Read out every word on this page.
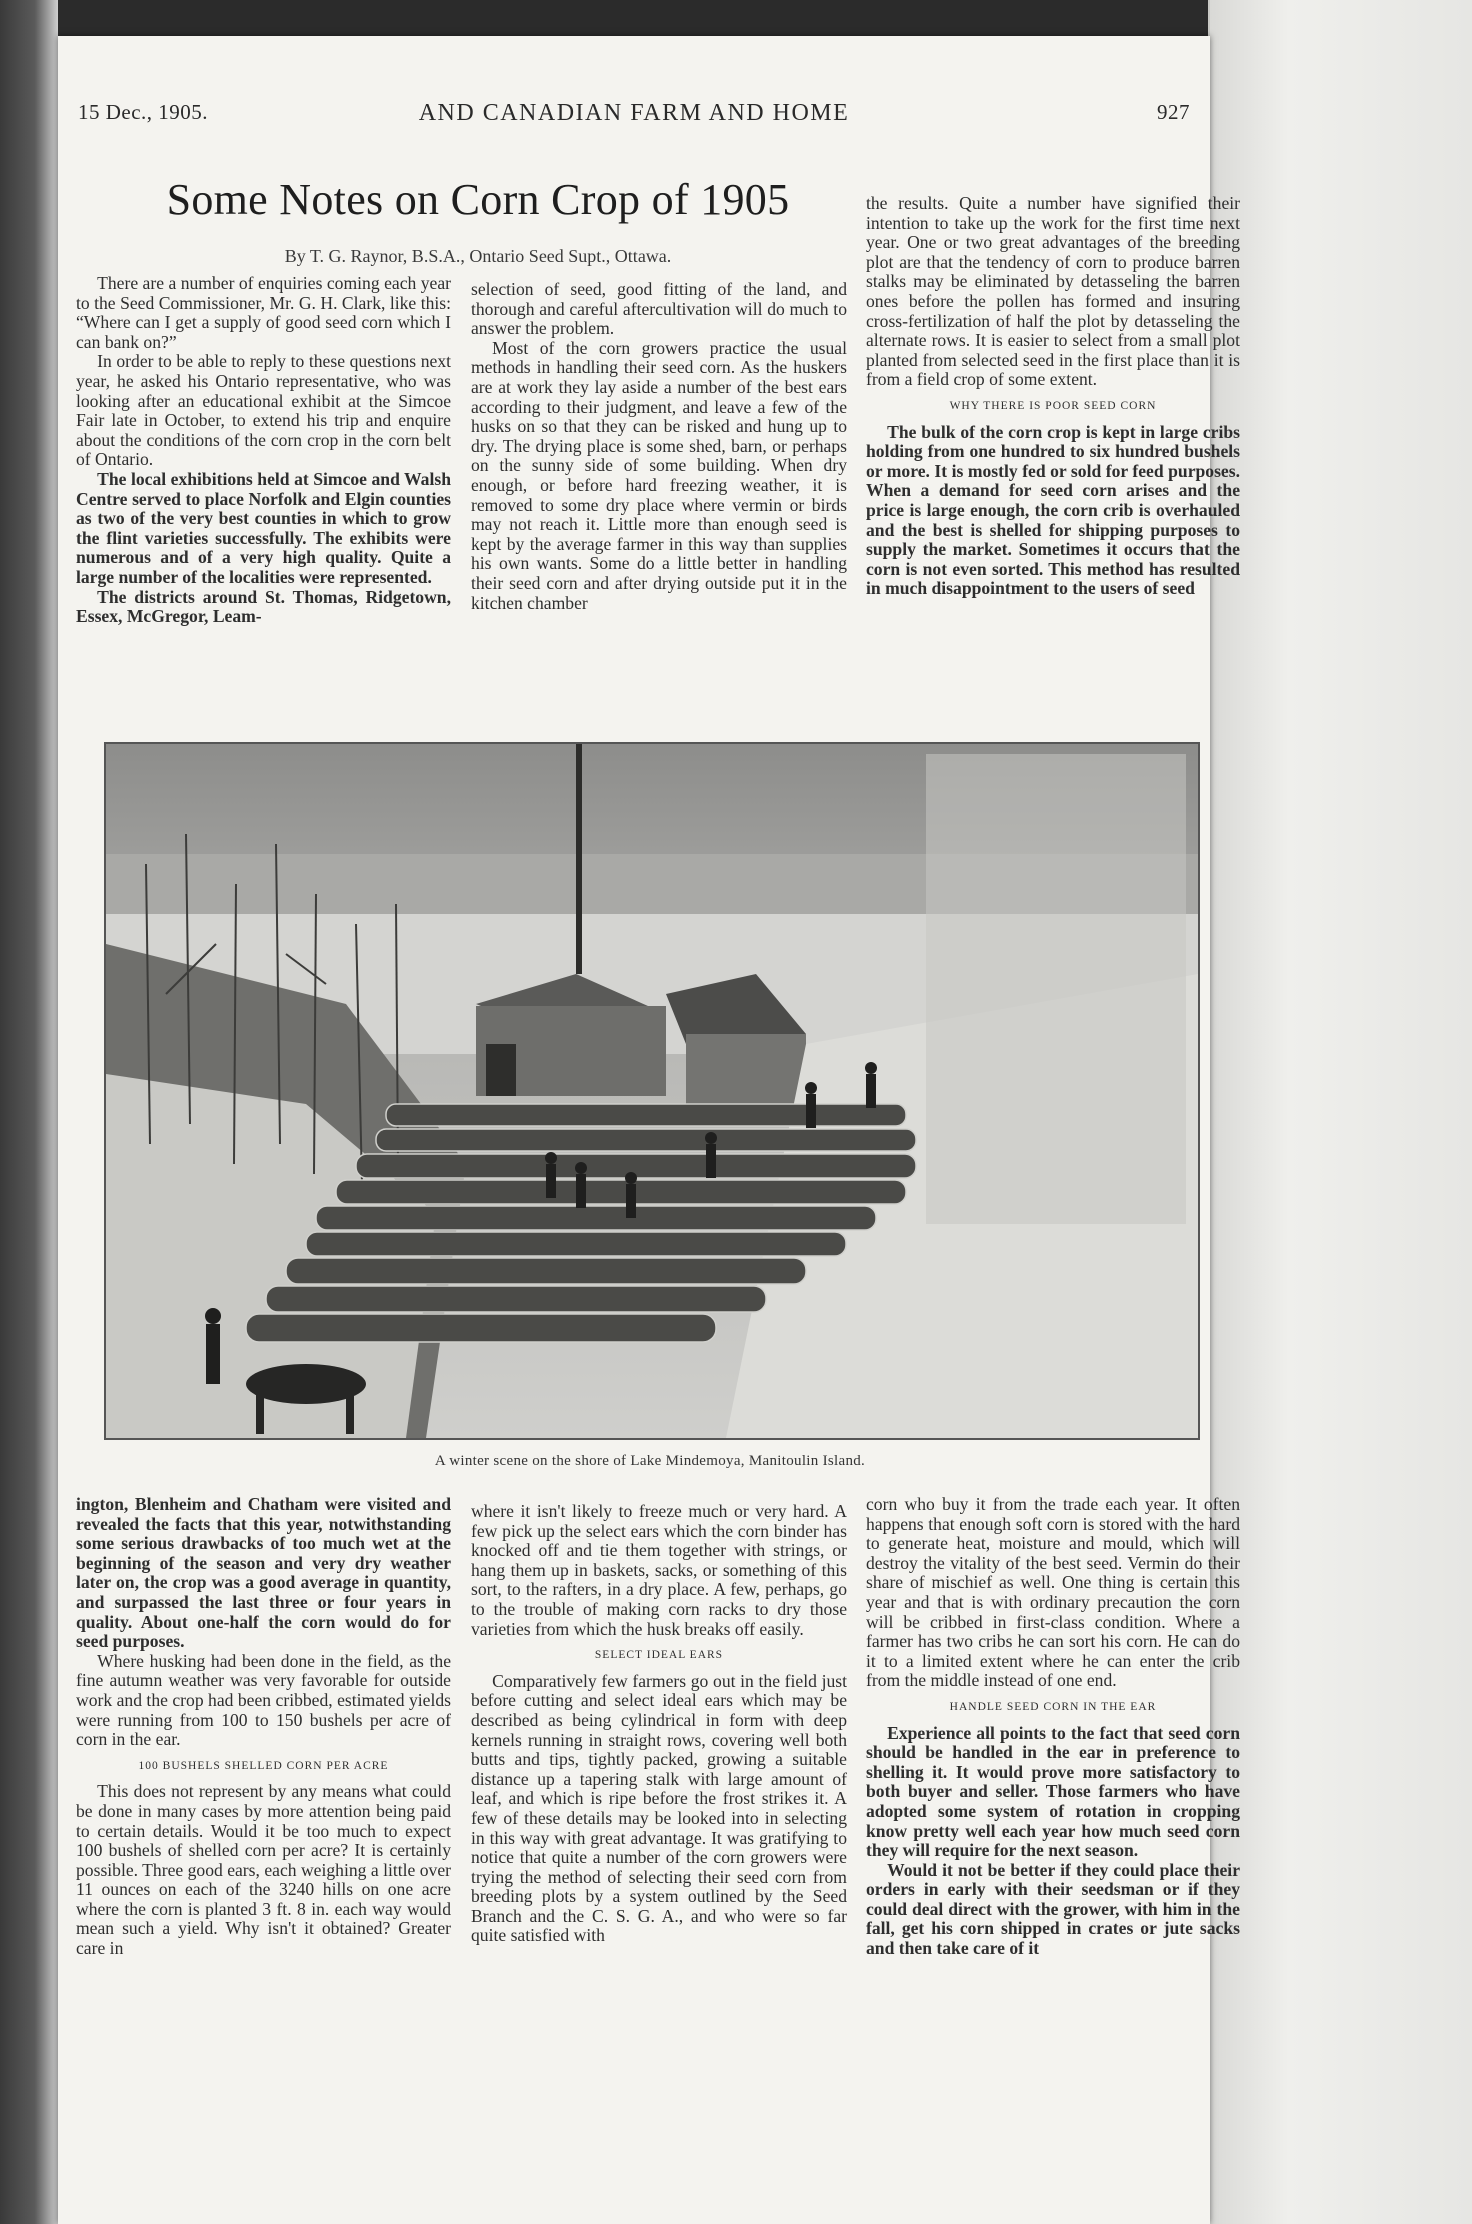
15 Dec., 1905.	AND CANADIAN FARM AND HOME	927
Some Notes on Corn Crop of 1905
By T. G. Raynor, B.S.A., Ontario Seed Supt., Ottawa.

There are a number of enquiries coming each year to the Seed Commissioner, Mr. G. H. Clark, like this: “Where can I get a supply of good seed corn which I can bank on?”

In order to be able to reply to these questions next year, he asked his Ontario representative, who was looking after an educational exhibit at the Simcoe Fair late in October, to extend his trip and enquire about the conditions of the corn crop in the corn belt of Ontario.

The local exhibitions held at Simcoe and Walsh Centre served to place Norfolk and Elgin counties as two of the very best counties in which to grow the flint varieties successfully. The exhibits were numerous and of a very high quality. Quite a large number of the localities were represented.

The districts around St. Thomas, Ridgetown, Essex, McGregor, Leam-

selection of seed, good fitting of the land, and thorough and careful aftercultivation will do much to answer the problem.

Most of the corn growers practice the usual methods in handling their seed corn. As the huskers are at work they lay aside a number of the best ears according to their judgment, and leave a few of the husks on so that they can be risked and hung up to dry. The drying place is some shed, barn, or perhaps on the sunny side of some building. When dry enough, or before hard freezing weather, it is removed to some dry place where vermin or birds may not reach it. Little more than enough seed is kept by the average farmer in this way than supplies his own wants. Some do a little better in handling their seed corn and after drying outside put it in the kitchen chamber

the results. Quite a number have signified their intention to take up the work for the first time next year. One or two great advantages of the breeding plot are that the tendency of corn to produce barren stalks may be eliminated by detasseling the barren ones before the pollen has formed and insuring cross-fertilization of half the plot by detasseling the alternate rows. It is easier to select from a small plot planted from selected seed in the first place than it is from a field crop of some extent.

WHY THERE IS POOR SEED CORN

The bulk of the corn crop is kept in large cribs holding from one hundred to six hundred bushels or more. It is mostly fed or sold for feed purposes. When a demand for seed corn arises and the price is large enough, the corn crib is overhauled and the best is shelled for shipping purposes to supply the market. Sometimes it occurs that the corn is not even sorted. This method has resulted in much disappointment to the users of seed

A winter scene on the shore of Lake Mindemoya, Manitoulin Island.

ington, Blenheim and Chatham were visited and revealed the facts that this year, notwithstanding some serious drawbacks of too much wet at the beginning of the season and very dry weather later on, the crop was a good average in quantity, and surpassed the last three or four years in quality. About one-half the corn would do for seed purposes.

Where husking had been done in the field, as the fine autumn weather was very favorable for outside work and the crop had been cribbed, estimated yields were running from 100 to 150 bushels per acre of corn in the ear.

100 BUSHELS SHELLED CORN PER ACRE

This does not represent by any means what could be done in many cases by more attention being paid to certain details. Would it be too much to expect 100 bushels of shelled corn per acre? It is certainly possible. Three good ears, each weighing a little over 11 ounces on each of the 3240 hills on one acre where the corn is planted 3 ft. 8 in. each way would mean such a yield. Why isn't it obtained? Greater care in

where it isn't likely to freeze much or very hard. A few pick up the select ears which the corn binder has knocked off and tie them together with strings, or hang them up in baskets, sacks, or something of this sort, to the rafters, in a dry place. A few, perhaps, go to the trouble of making corn racks to dry those varieties from which the husk breaks off easily.

SELECT IDEAL EARS

Comparatively few farmers go out in the field just before cutting and select ideal ears which may be described as being cylindrical in form with deep kernels running in straight rows, covering well both butts and tips, tightly packed, growing a suitable distance up a tapering stalk with large amount of leaf, and which is ripe before the frost strikes it. A few of these details may be looked into in selecting in this way with great advantage. It was gratifying to notice that quite a number of the corn growers were trying the method of selecting their seed corn from breeding plots by a system outlined by the Seed Branch and the C. S. G. A., and who were so far quite satisfied with

corn who buy it from the trade each year. It often happens that enough soft corn is stored with the hard to generate heat, moisture and mould, which will destroy the vitality of the best seed. Vermin do their share of mischief as well. One thing is certain this year and that is with ordinary precaution the corn will be cribbed in first-class condition. Where a farmer has two cribs he can sort his corn. He can do it to a limited extent where he can enter the crib from the middle instead of one end.

HANDLE SEED CORN IN THE EAR

Experience all points to the fact that seed corn should be handled in the ear in preference to shelling it. It would prove more satisfactory to both buyer and seller. Those farmers who have adopted some system of rotation in cropping know pretty well each year how much seed corn they will require for the next season.

Would it not be better if they could place their orders in early with their seedsman or if they could deal direct with the grower, with him in the fall, get his corn shipped in crates or jute sacks and then take care of it
